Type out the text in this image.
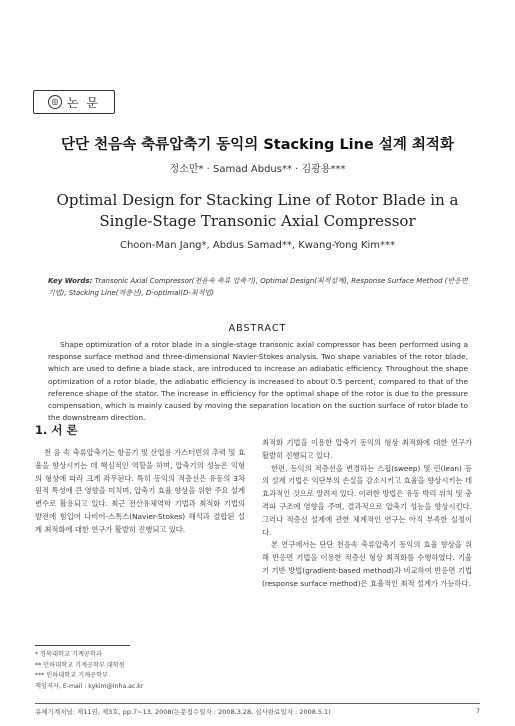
◎ 논 문
단단 천음속 축류압축기 동익의 Stacking Line 설계 최적화
정소만* · Samad Abdus** · 김광용***
Optimal Design for Stacking Line of Rotor Blade in a
Single-Stage Transonic Axial Compressor
Choon-Man Jang*, Abdus Samad**, Kwang-Yong Kim***
Key Words: Transonic Axial Compressor(천음속 축류 압축기), Optimal Design(최적설계), Response Surface Method (반응면 기법), Stacking Line(적층선), D-optimal(D-최적법)
ABSTRACT
Shape optimization of a rotor blade in a single-stage transonic axial compressor has been performed using a response surface method and three-dimensional Navier-Stokes analysis. Two shape variables of the rotor blade, which are used to define a blade stack, are introduced to increase an adiabatic efficiency. Throughout the shape optimization of a rotor blade, the adiabatic efficiency is increased to about 0.5 percent, compared to that of the reference shape of the stator. The increase in efficiency for the optimal shape of the rotor is due to the pressure compensation, which is mainly caused by moving the separation location on the suction surface of rotor blade to the downstream direction.
1. 서 론

천 음 속 축류압축기는 항공기 및 산업용 가스터빈의 추력 및 효율을 향상시키는 데 핵심적인 역할을 하며, 압축기의 성능은 익형의 형상에 따라 크게 좌우된다. 특히 동익의 적층선은 유동의 3차원적 특성에 큰 영향을 미치며, 압축기 효율 향상을 위한 주요 설계 변수로 활용되고 있다. 최근 전산유체역학 기법과 최적화 기법의 발전에 힘입어 나비어-스톡스(Navier-Stokes) 해석과 결합된 설계 최적화에 대한 연구가 활발히 진행되고 있다.

최적화 기법을 이용한 압축기 동익의 형상 최적화에 대한 연구가 활발히 진행되고 있다.

한편, 동익의 적층선을 변경하는 스윕(sweep) 및 린(lean) 등 의 설계 기법은 익단부의 손실을 감소시키고 효율을 향상시키는 데 효과적인 것으로 알려져 있다. 이러한 방법은 유동 박리 위치 및 충격파 구조에 영향을 주며, 결과적으로 압축기 성능을 향상시킨다. 그러나 적층선 설계에 관한 체계적인 연구는 아직 부족한 실정이다.

본 연구에서는 단단 천음속 축류압축기 동익의 효율 향상을 위해 반응면 기법을 이용한 적층선 형상 최적화를 수행하였다. 기울기 기반 방법(gradient-based method)과 비교하여 반응면 기법(response surface method)은 효율적인 최적 설계가 가능하다.

* 경북대학교 기계공학과
** 인하대학교 기계공학부 대학원
*** 인하대학교 기계공학부
책임저자, E-mail : kykim@inha.ac.kr
유체기계저널: 제11권, 제3호, pp.7~13, 2008(논문접수일자 : 2008.3.28, 심사완료일자 : 2008.5.1)	7
